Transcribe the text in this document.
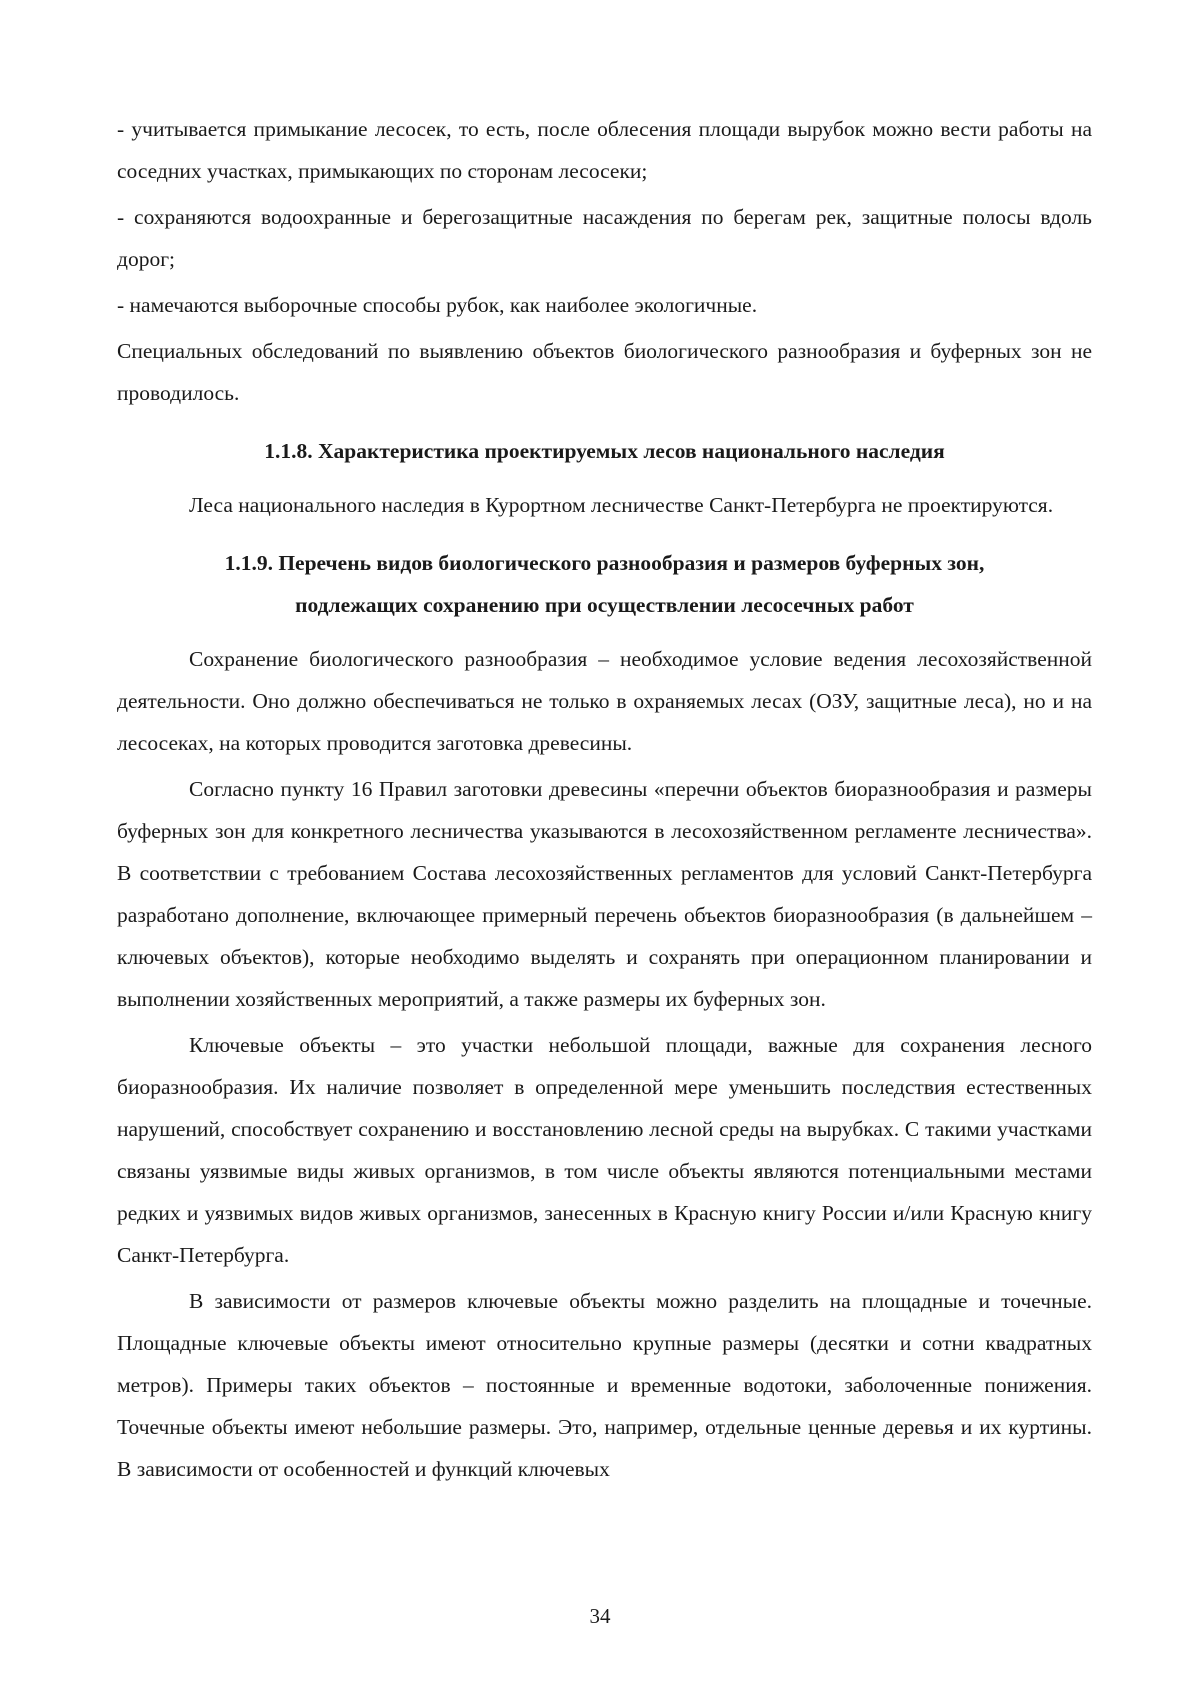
- учитывается примыкание лесосек, то есть, после облесения площади вырубок можно вести работы на соседних участках, примыкающих по сторонам лесосеки;

- сохраняются водоохранные и берегозащитные насаждения по берегам рек, защитные полосы вдоль дорог;

- намечаются выборочные способы рубок, как наиболее экологичные.

Специальных обследований по выявлению объектов биологического разнообразия и буферных зон не проводилось.

1.1.8. Характеристика проектируемых лесов национального наследия

Леса национального наследия в Курортном лесничестве Санкт-Петербурга не проектируются.

1.1.9. Перечень видов биологического разнообразия и размеров буферных зон,
подлежащих сохранению при осуществлении лесосечных работ

Сохранение биологического разнообразия – необходимое условие ведения лесохозяйственной деятельности. Оно должно обеспечиваться не только в охраняемых лесах (ОЗУ, защитные леса), но и на лесосеках, на которых проводится заготовка древесины.

Согласно пункту 16 Правил заготовки древесины «перечни объектов биоразнообразия и размеры буферных зон для конкретного лесничества указываются в лесохозяйственном регламенте лесничества». В соответствии с требованием Состава лесохозяйственных регламентов для условий Санкт-Петербурга разработано дополнение, включающее примерный перечень объектов биоразнообразия (в дальнейшем – ключевых объектов), которые необходимо выделять и сохранять при операционном планировании и выполнении хозяйственных мероприятий, а также размеры их буферных зон.

Ключевые объекты – это участки небольшой площади, важные для сохранения лесного биоразнообразия. Их наличие позволяет в определенной мере уменьшить последствия естественных нарушений, способствует сохранению и восстановлению лесной среды на вырубках. С такими участками связаны уязвимые виды живых организмов, в том числе объекты являются потенциальными местами редких и уязвимых видов живых организмов, занесенных в Красную книгу России и/или Красную книгу Санкт-Петербурга.

В зависимости от размеров ключевые объекты можно разделить на площадные и точечные. Площадные ключевые объекты имеют относительно крупные размеры (десятки и сотни квадратных метров). Примеры таких объектов – постоянные и временные водотоки, заболоченные понижения. Точечные объекты имеют небольшие размеры. Это, например, отдельные ценные деревья и их куртины. В зависимости от особенностей и функций ключевых

34
